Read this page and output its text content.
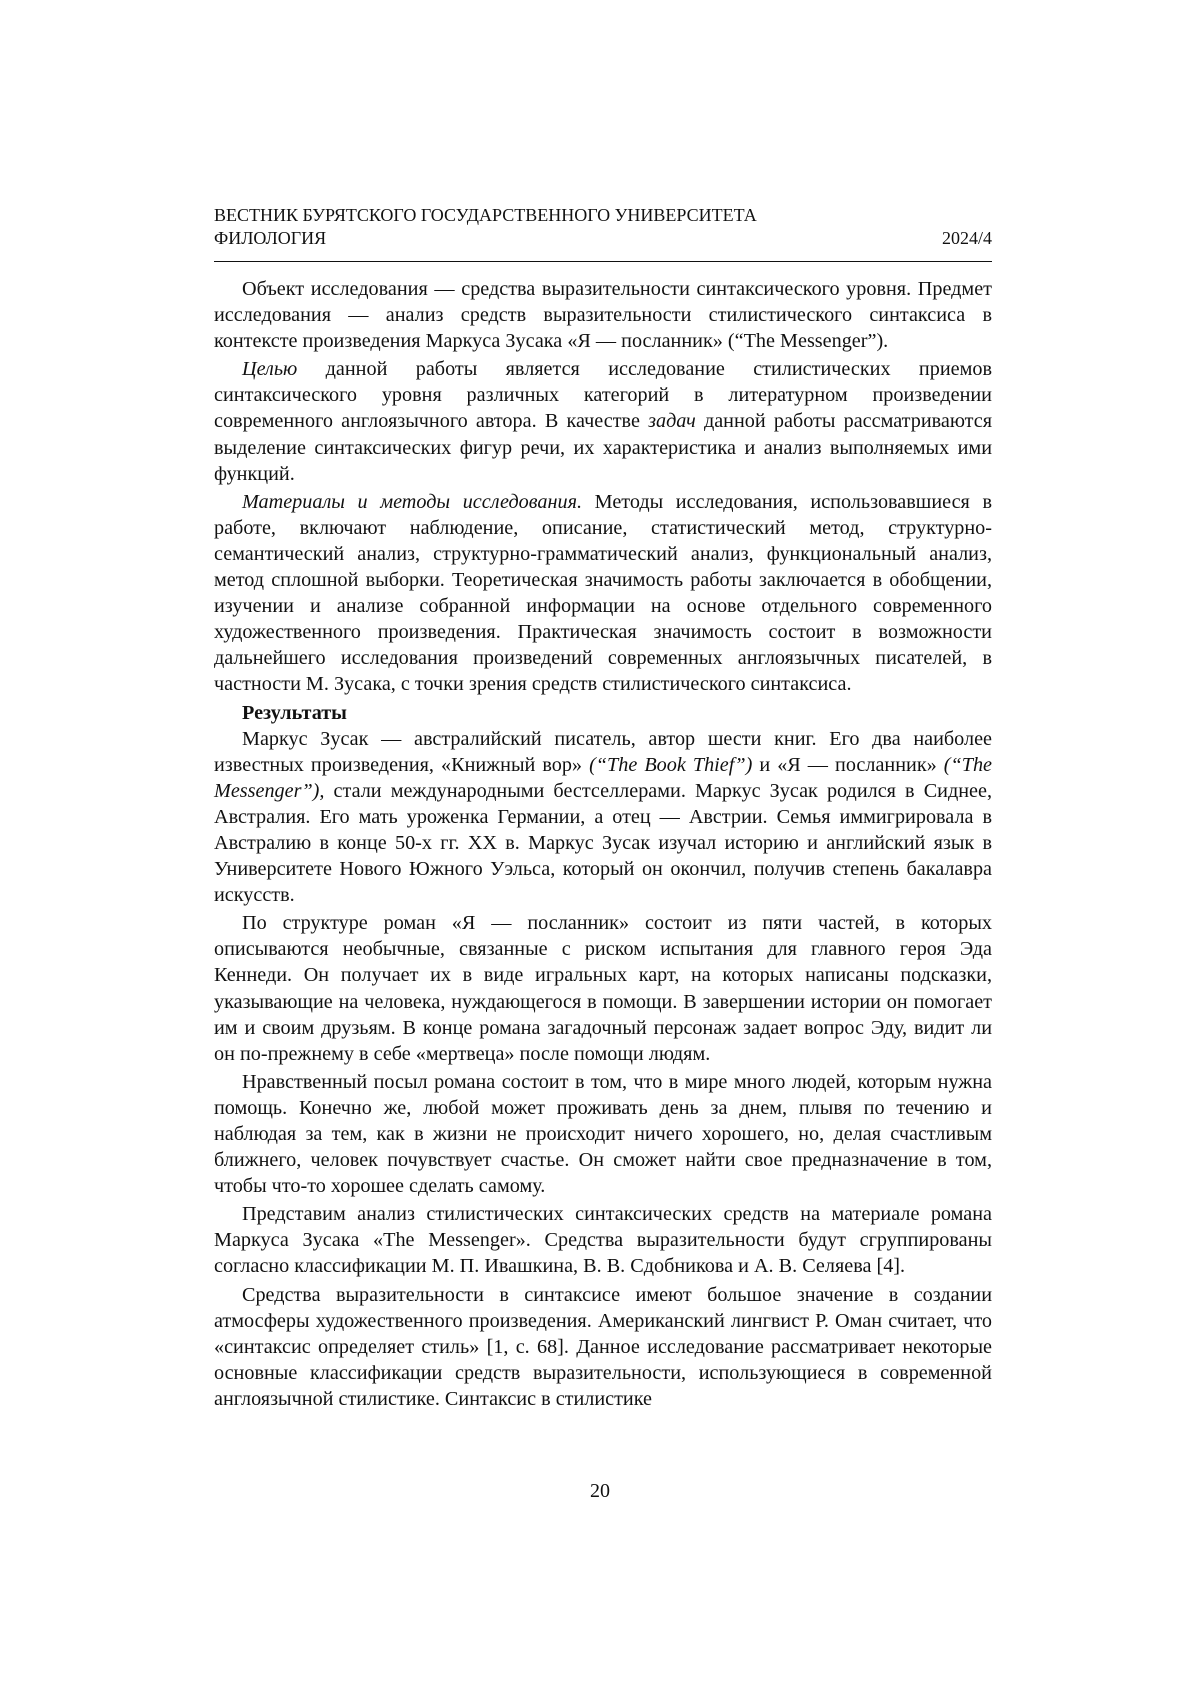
ВЕСТНИК БУРЯТСКОГО ГОСУДАРСТВЕННОГО УНИВЕРСИТЕТА
ФИЛОЛОГИЯ	2024/4

Объект исследования — средства выразительности синтаксического уровня. Предмет исследования — анализ средств выразительности стилистического синтаксиса в контексте произведения Маркуса Зусака «Я — посланник» (“The Messenger”).

Целью данной работы является исследование стилистических приемов синтаксического уровня различных категорий в литературном произведении современного англоязычного автора. В качестве задач данной работы рассматриваются выделение синтаксических фигур речи, их характеристика и анализ выполняемых ими функций.

Материалы и методы исследования. Методы исследования, использовавшиеся в работе, включают наблюдение, описание, статистический метод, структурно-семантический анализ, структурно-грамматический анализ, функциональный анализ, метод сплошной выборки. Теоретическая значимость работы заключается в обобщении, изучении и анализе собранной информации на основе отдельного современного художественного произведения. Практическая значимость состоит в возможности дальнейшего исследования произведений современных англоязычных писателей, в частности М. Зусака, с точки зрения средств стилистического синтаксиса.

Результаты

Маркус Зусак — австралийский писатель, автор шести книг. Его два наиболее известных произведения, «Книжный вор» (“The Book Thief”) и «Я — посланник» (“The Messenger”), стали международными бестселлерами. Маркус Зусак родился в Сиднее, Австралия. Его мать уроженка Германии, а отец — Австрии. Семья иммигрировала в Австралию в конце 50-х гг. XX в. Маркус Зусак изучал историю и английский язык в Университете Нового Южного Уэльса, который он окончил, получив степень бакалавра искусств.

По структуре роман «Я — посланник» состоит из пяти частей, в которых описываются необычные, связанные с риском испытания для главного героя Эда Кеннеди. Он получает их в виде игральных карт, на которых написаны подсказки, указывающие на человека, нуждающегося в помощи. В завершении истории он помогает им и своим друзьям. В конце романа загадочный персонаж задает вопрос Эду, видит ли он по-прежнему в себе «мертвеца» после помощи людям.

Нравственный посыл романа состоит в том, что в мире много людей, которым нужна помощь. Конечно же, любой может проживать день за днем, плывя по течению и наблюдая за тем, как в жизни не происходит ничего хорошего, но, делая счастливым ближнего, человек почувствует счастье. Он сможет найти свое предназначение в том, чтобы что-то хорошее сделать самому.

Представим анализ стилистических синтаксических средств на материале романа Маркуса Зусака «The Messenger». Средства выразительности будут сгруппированы согласно классификации М. П. Ивашкина, В. В. Сдобникова и А. В. Селяева [4].

Средства выразительности в синтаксисе имеют большое значение в создании атмосферы художественного произведения. Американский лингвист Р. Оман считает, что «синтаксис определяет стиль» [1, с. 68]. Данное исследование рассматривает некоторые основные классификации средств выразительности, использующиеся в современной англоязычной стилистике. Синтаксис в стилистике

20
